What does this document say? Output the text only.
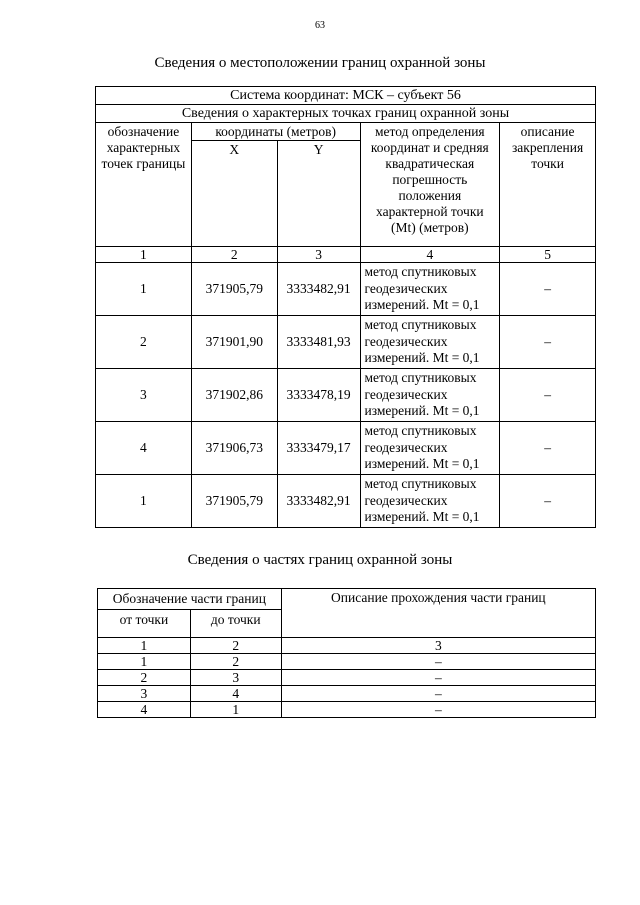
63
Сведения о местоположении границ охранной зоны
Система координат: МСК – субъект 56				
Сведения о характерных точках границ охранной зоны				
обозначение характерных точек границы	координаты (метров)		метод определения координат и средняя квадратическая погрешность положения характерной точки (Mt) (метров)	описание закрепления точки
	X	Y		
1	2	3	4	5
1	371905,79	3333482,91	метод спутниковых геодезических измерений. Mt = 0,1	–
2	371901,90	3333481,93	метод спутниковых геодезических измерений. Mt = 0,1	–
3	371902,86	3333478,19	метод спутниковых геодезических измерений. Mt = 0,1	–
4	371906,73	3333479,17	метод спутниковых геодезических измерений. Mt = 0,1	–
1	371905,79	3333482,91	метод спутниковых геодезических измерений. Mt = 0,1	–
Сведения о частях границ охранной зоны
Обозначение части границ		Описание прохождения части границ
от точки	до точки	
1	2	3
1	2	–
2	3	–
3	4	–
4	1	–
